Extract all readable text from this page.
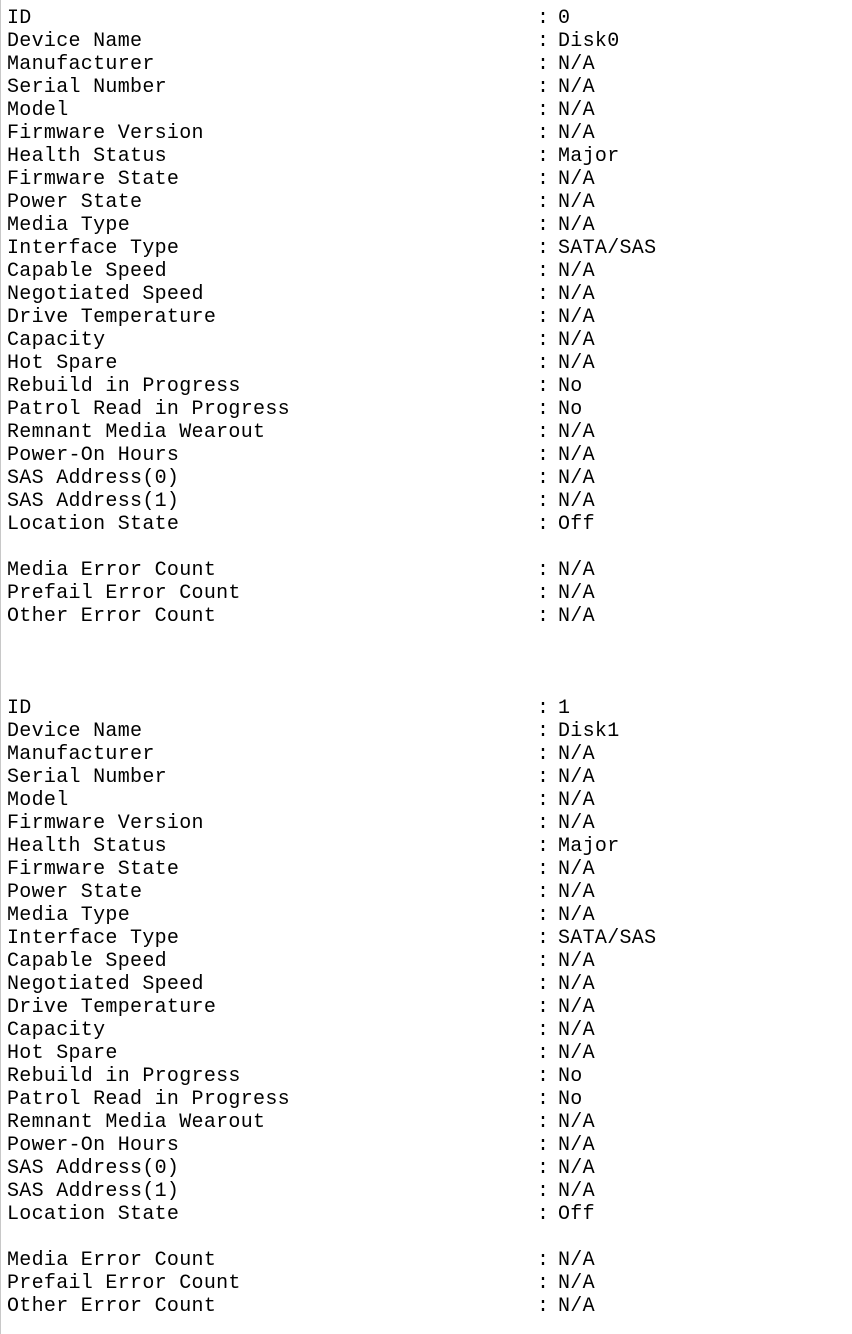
ID	: 0
Device Name	: Disk0
Manufacturer	: N/A
Serial Number	: N/A
Model	: N/A
Firmware Version	: N/A
Health Status	: Major
Firmware State	: N/A
Power State	: N/A
Media Type	: N/A
Interface Type	: SATA/SAS
Capable Speed	: N/A
Negotiated Speed	: N/A
Drive Temperature	: N/A
Capacity	: N/A
Hot Spare	: N/A
Rebuild in Progress	: No
Patrol Read in Progress	: No
Remnant Media Wearout	: N/A
Power-On Hours	: N/A
SAS Address(0)	: N/A
SAS Address(1)	: N/A
Location State	: Off
Media Error Count	: N/A
Prefail Error Count	: N/A
Other Error Count	: N/A
ID	: 1
Device Name	: Disk1
Manufacturer	: N/A
Serial Number	: N/A
Model	: N/A
Firmware Version	: N/A
Health Status	: Major
Firmware State	: N/A
Power State	: N/A
Media Type	: N/A
Interface Type	: SATA/SAS
Capable Speed	: N/A
Negotiated Speed	: N/A
Drive Temperature	: N/A
Capacity	: N/A
Hot Spare	: N/A
Rebuild in Progress	: No
Patrol Read in Progress	: No
Remnant Media Wearout	: N/A
Power-On Hours	: N/A
SAS Address(0)	: N/A
SAS Address(1)	: N/A
Location State	: Off
Media Error Count	: N/A
Prefail Error Count	: N/A
Other Error Count	: N/A
